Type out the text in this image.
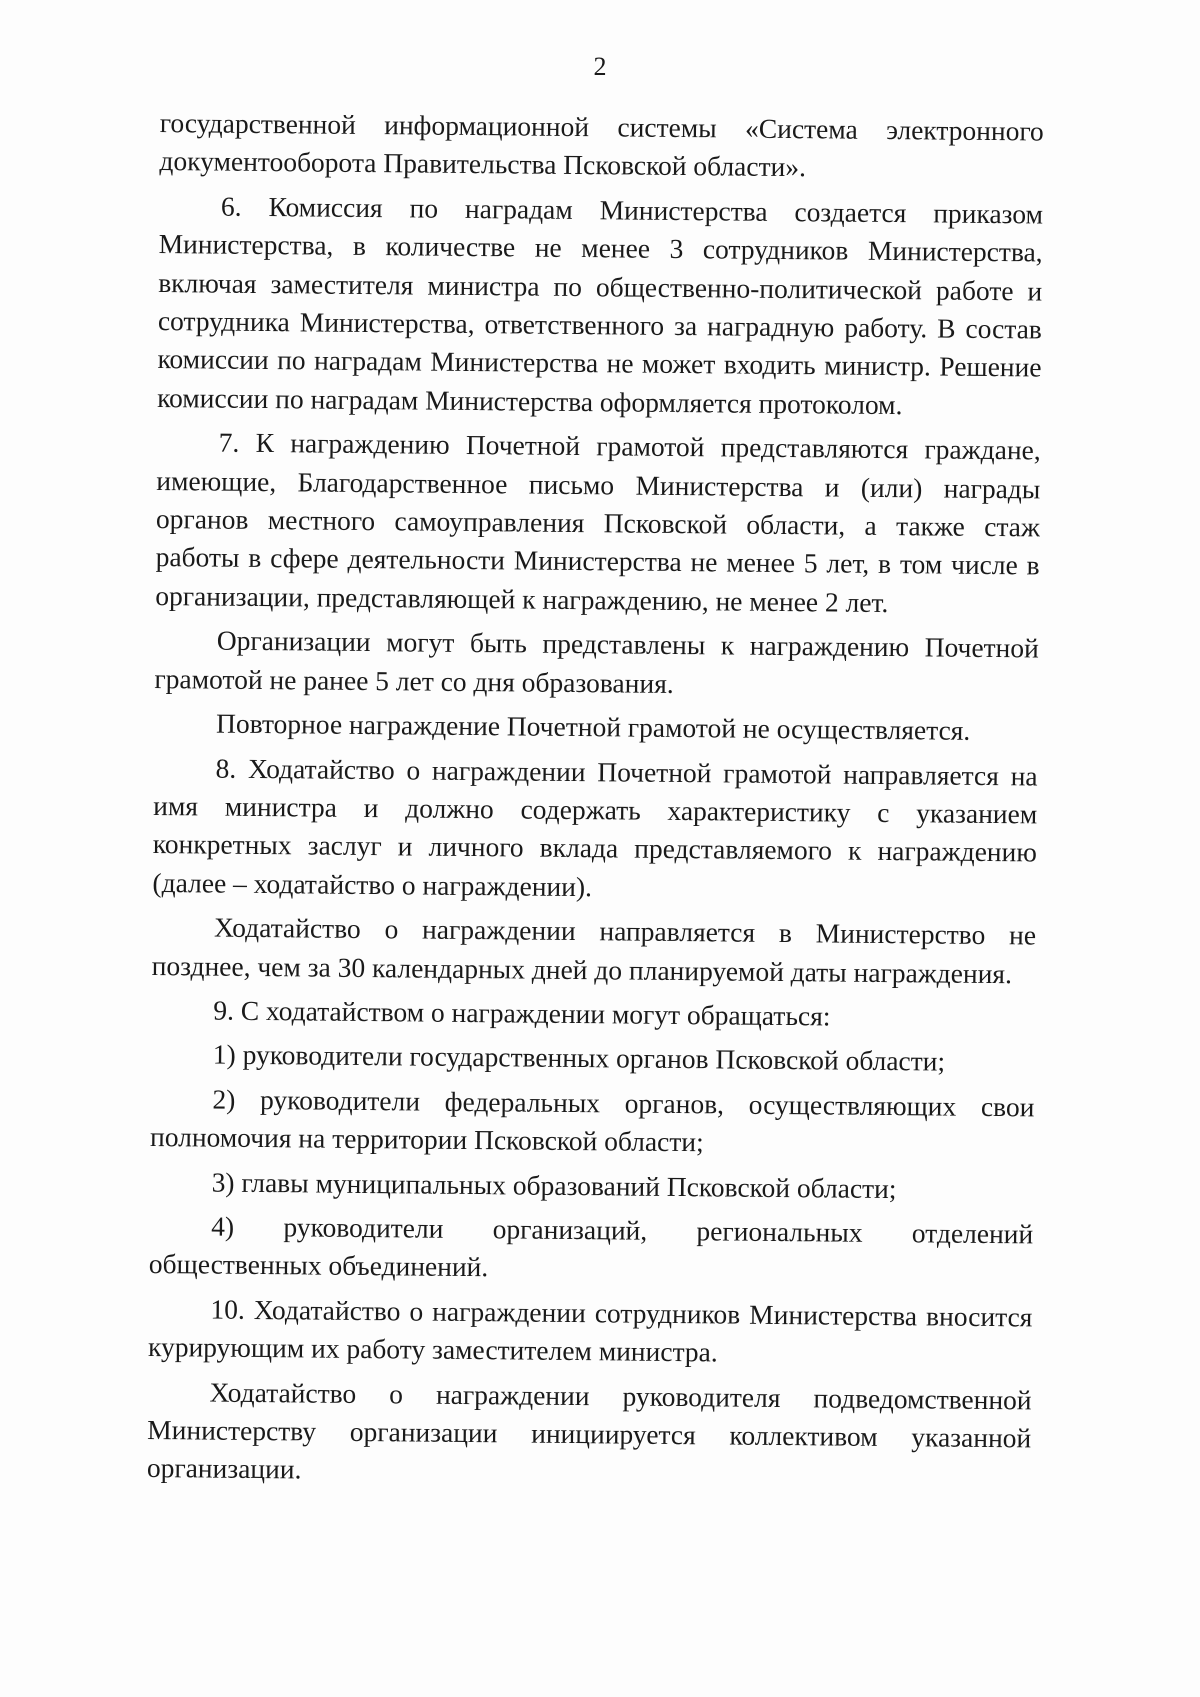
2

государственной информационной системы «Система электронного документооборота Правительства Псковской области».

6. Комиссия по наградам Министерства создается приказом Министерства, в количестве не менее 3 сотрудников Министерства, включая заместителя министра по общественно-политической работе и сотрудника Министерства, ответственного за наградную работу. В состав комиссии по наградам Министерства не может входить министр. Решение комиссии по наградам Министерства оформляется протоколом.

7. К награждению Почетной грамотой представляются граждане, имеющие, Благодарственное письмо Министерства и (или) награды органов местного самоуправления Псковской области, а также стаж работы в сфере деятельности Министерства не менее 5 лет, в том числе в организации, представляющей к награждению, не менее 2 лет.

Организации могут быть представлены к награждению Почетной грамотой не ранее 5 лет со дня образования.

Повторное награждение Почетной грамотой не осуществляется.

8. Ходатайство о награждении Почетной грамотой направляется на имя министра и должно содержать характеристику с указанием конкретных заслуг и личного вклада представляемого к награждению (далее – ходатайство о награждении).

Ходатайство о награждении направляется в Министерство не позднее, чем за 30 календарных дней до планируемой даты награждения.

9. С ходатайством о награждении могут обращаться:

1) руководители государственных органов Псковской области;

2) руководители федеральных органов, осуществляющих свои полномочия на территории Псковской области;

3) главы муниципальных образований Псковской области;

4) руководители организаций, региональных отделений общественных объединений.

10. Ходатайство о награждении сотрудников Министерства вносится курирующим их работу заместителем министра.

Ходатайство о награждении руководителя подведомственной Министерству организации инициируется коллективом указанной организации.
